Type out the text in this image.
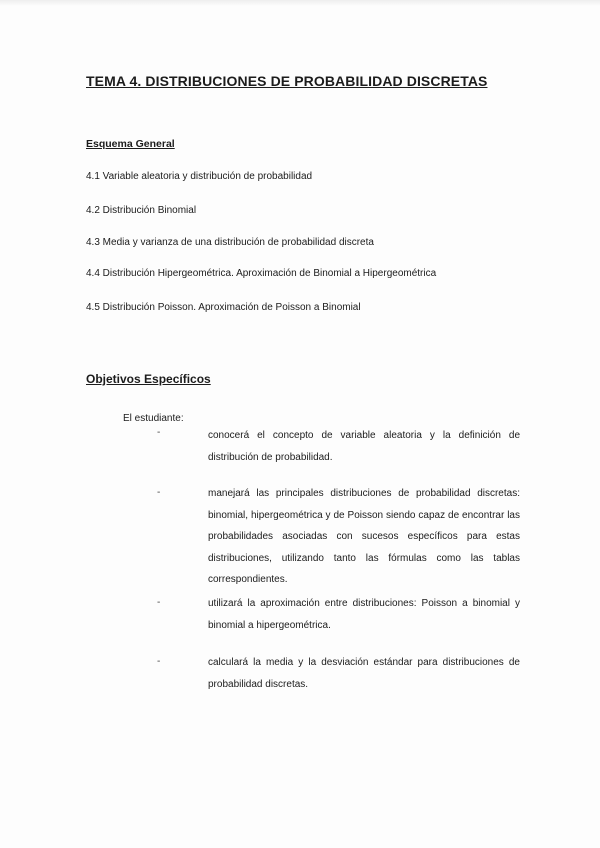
TEMA 4. DISTRIBUCIONES DE PROBABILIDAD DISCRETAS
Esquema General
4.1 Variable aleatoria y distribución de probabilidad
4.2 Distribución Binomial
4.3 Media y varianza de una distribución de probabilidad discreta
4.4 Distribución Hipergeométrica. Aproximación de Binomial a Hipergeométrica
4.5 Distribución Poisson. Aproximación de Poisson a Binomial
Objetivos Específicos
El estudiante:
-	conocerá el concepto de variable aleatoria y la definición de distribución de probabilidad.
-	manejará las principales distribuciones de probabilidad discretas: binomial, hipergeométrica y de Poisson siendo capaz de encontrar las probabilidades asociadas con sucesos específicos para estas distribuciones, utilizando tanto las fórmulas como las tablas correspondientes.
-	utilizará la aproximación entre distribuciones: Poisson a binomial y binomial a hipergeométrica.
-	calculará la media y la desviación estándar para distribuciones de probabilidad discretas.
